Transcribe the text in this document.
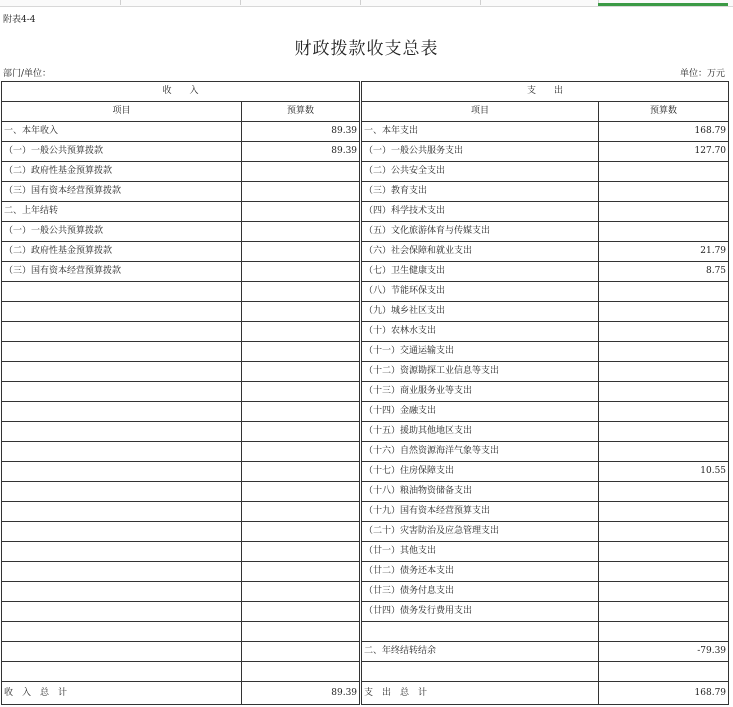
附表4-4
财政拨款收支总表
部门/单位：	单位：万元
收　　入			支　　出	
项目	预算数		项目	预算数
一、本年收入	89.39		一、本年支出	168.79
（一）一般公共预算拨款	89.39		（一）一般公共服务支出	127.70
（二）政府性基金预算拨款			（二）公共安全支出	
（三）国有资本经营预算拨款			（三）教育支出	
二、上年结转			（四）科学技术支出	
（一）一般公共预算拨款			（五）文化旅游体育与传媒支出	
（二）政府性基金预算拨款			（六）社会保障和就业支出	21.79
（三）国有资本经营预算拨款			（七）卫生健康支出	8.75
			（八）节能环保支出	
			（九）城乡社区支出	
			（十）农林水支出	
			（十一）交通运输支出	
			（十二）资源勘探工业信息等支出	
			（十三）商业服务业等支出	
			（十四）金融支出	
			（十五）援助其他地区支出	
			（十六）自然资源海洋气象等支出	
			（十七）住房保障支出	10.55
			（十八）粮油物资储备支出	
			（十九）国有资本经营预算支出	
			（二十）灾害防治及应急管理支出	
			（廿一）其他支出	
			（廿二）债务还本支出	
			（廿三）债务付息支出	
			（廿四）债务发行费用支出	

			二、年终结转结余	-79.39

收　入　总　计	89.39		支　出　总　计	168.79
